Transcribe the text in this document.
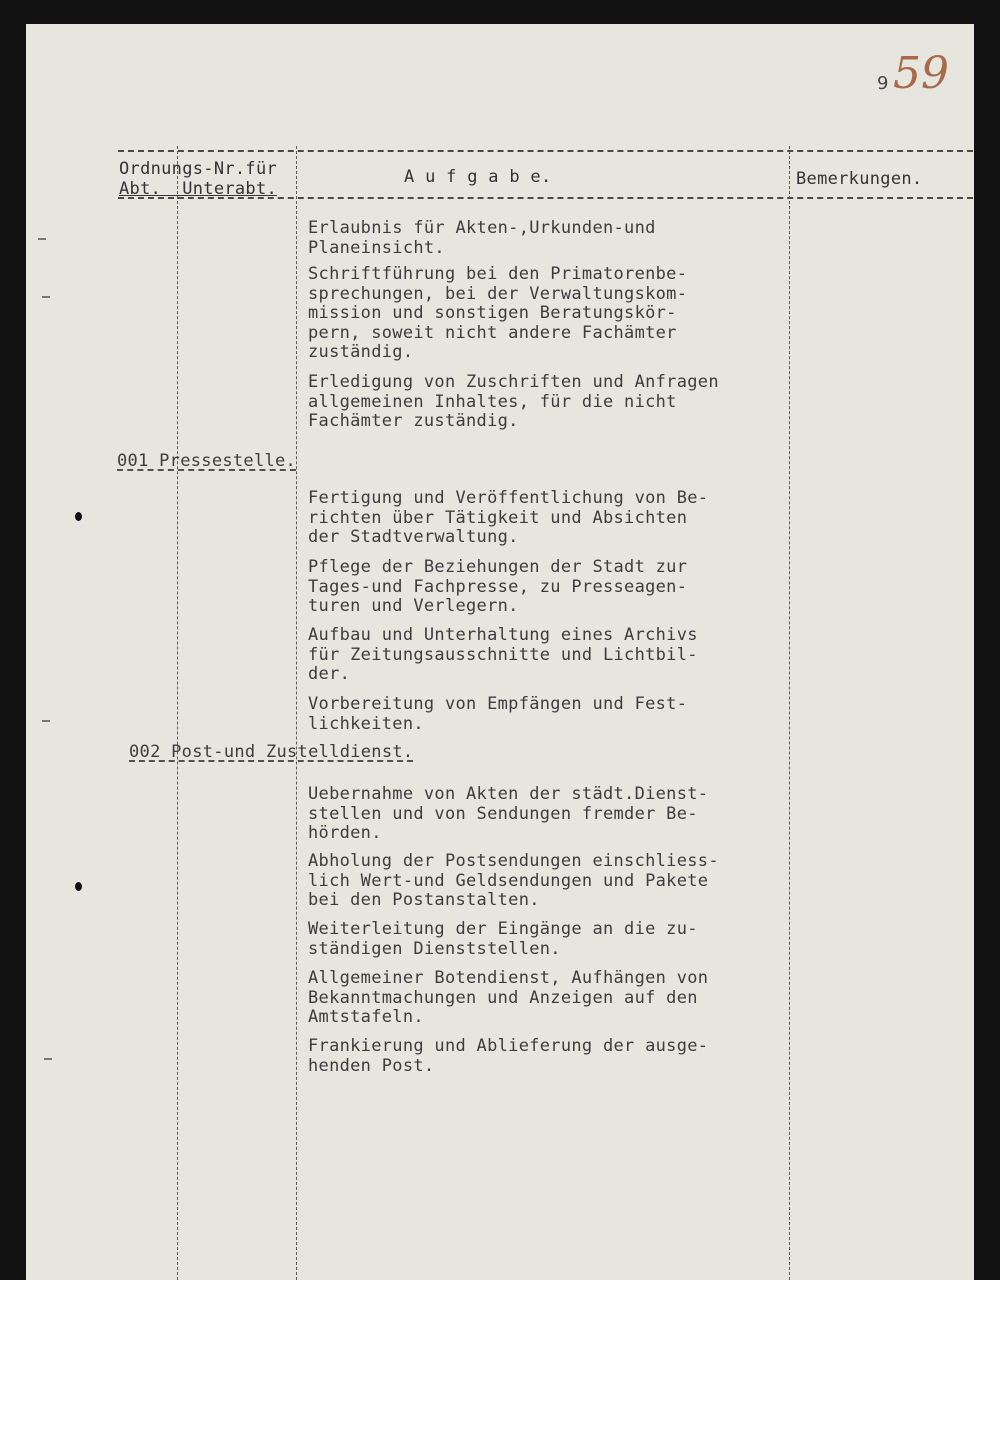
9 59
Ordnungs-Nr.für
Abt.  Unterabt.
A u f g a b e.	Bemerkungen.
Erlaubnis für Akten-,Urkunden-und
Planeinsicht.
Schriftführung bei den Primatorenbe-
sprechungen, bei der Verwaltungskom-
mission und sonstigen Beratungskör-
pern, soweit nicht andere Fachämter
zuständig.
Erledigung von Zuschriften und Anfragen
allgemeinen Inhaltes, für die nicht
Fachämter zuständig.
001 Pressestelle.
Fertigung und Veröffentlichung von Be-
richten über Tätigkeit und Absichten
der Stadtverwaltung.
Pflege der Beziehungen der Stadt zur
Tages-und Fachpresse, zu Presseagen-
turen und Verlegern.
Aufbau und Unterhaltung eines Archivs
für Zeitungsausschnitte und Lichtbil-
der.
Vorbereitung von Empfängen und Fest-
lichkeiten.
002 Post-und Zustelldienst.
Uebernahme von Akten der städt.Dienst-
stellen und von Sendungen fremder Be-
hörden.
Abholung der Postsendungen einschliess-
lich Wert-und Geldsendungen und Pakete
bei den Postanstalten.
Weiterleitung der Eingänge an die zu-
ständigen Dienststellen.
Allgemeiner Botendienst, Aufhängen von
Bekanntmachungen und Anzeigen auf den
Amtstafeln.
Frankierung und Ablieferung der ausge-
henden Post.
